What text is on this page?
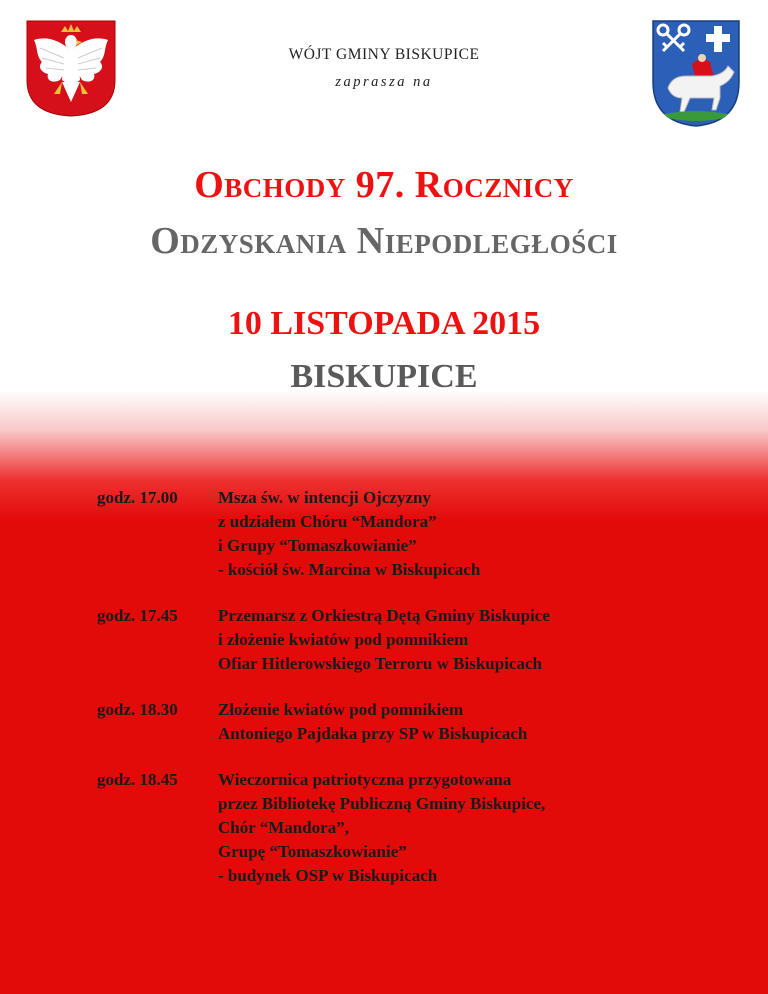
WÓJT GMINY BISKUPICE
zaprasza na
Obchody 97. Rocznicy
Odzyskania Niepodległości
10 LISTOPADA 2015
BISKUPICE
godz. 17.00	Msza św. w intencji Ojczyzny
z udziałem Chóru “Mandora”
i Grupy “Tomaszkowianie”
- kościół św. Marcina w Biskupicach
godz. 17.45	Przemarsz z Orkiestrą Dętą Gminy Biskupice
i złożenie kwiatów pod pomnikiem
Ofiar Hitlerowskiego Terroru w Biskupicach
godz. 18.30	Złożenie kwiatów pod pomnikiem
Antoniego Pajdaka przy SP w Biskupicach
godz. 18.45	Wieczornica patriotyczna przygotowana
przez Bibliotekę Publiczną Gminy Biskupice,
Chór “Mandora”,
Grupę “Tomaszkowianie”
- budynek OSP w Biskupicach
